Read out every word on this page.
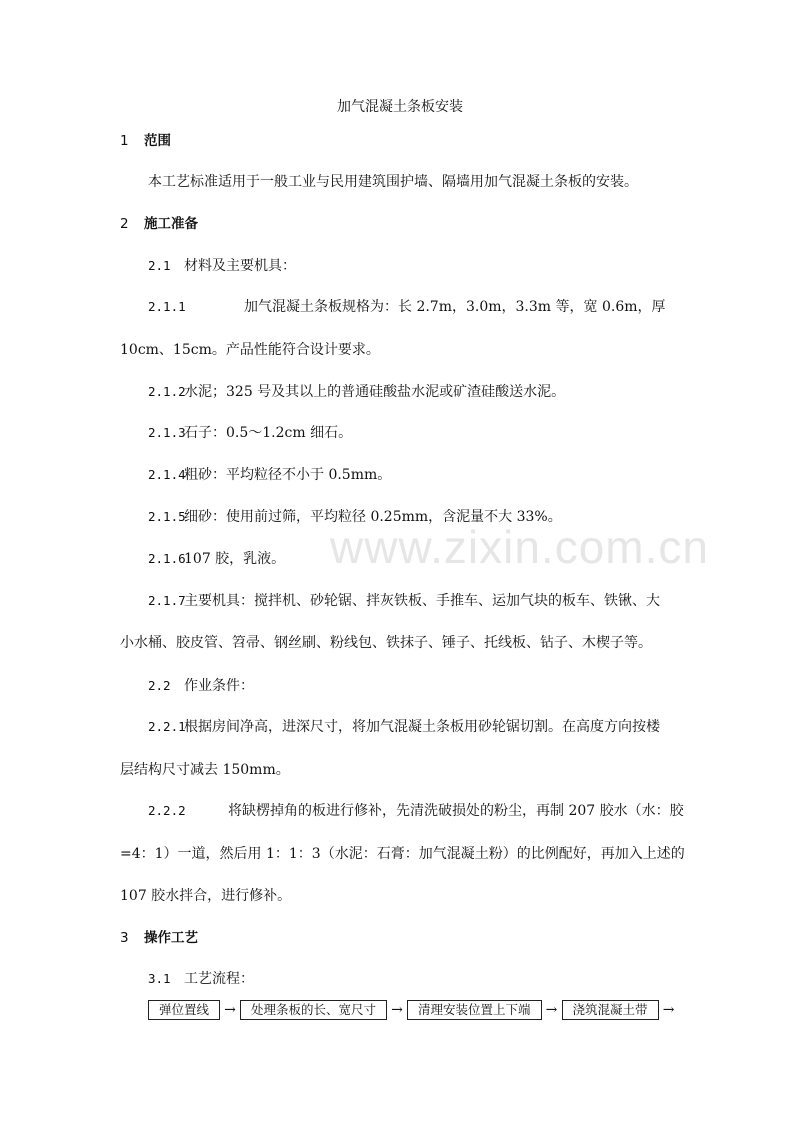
www.zixin.com.cn
加气混凝土条板安装
1 范围
本工艺标准适用于一般工业与民用建筑围护墙、隔墙用加气混凝土条板的安装。
2 施工准备
2.1 材料及主要机具：
2.1.1	加气混凝土条板规格为：长 2.7m，3.0m，3.3m 等，宽 0.6m，厚
10cm、15cm。产品性能符合设计要求。
2.1.2水泥；325 号及其以上的普通硅酸盐水泥或矿渣硅酸送水泥。
2.1.3石子：0.5～1.2cm 细石。
2.1.4粗砂：平均粒径不小于 0.5mm。
2.1.5细砂：使用前过筛，平均粒径 0.25mm，含泥量不大 33%。
2.1.6107 胶，乳液。
2.1.7主要机具：搅拌机、砂轮锯、拌灰铁板、手推车、运加气块的板车、铁锹、大
小水桶、胶皮管、笤帚、钢丝刷、粉线包、铁抹子、锤子、托线板、钻子、木楔子等。
2.2 作业条件：
2.2.1根据房间净高，进深尺寸，将加气混凝土条板用砂轮锯切割。在高度方向按楼
层结构尺寸减去 150mm。
2.2.2	将缺楞掉角的板进行修补，先清洗破损处的粉尘，再制 207 胶水（水：胶
=4：1）一道，然后用 1：1：3（水泥：石膏：加气混凝土粉）的比例配好，再加入上述的
107 胶水拌合，进行修补。
3 操作工艺
3.1 工艺流程：
弹位置线	→	处理条板的长、宽尺寸	→	清理安装位置上下端	→	浇筑混凝土带	→
